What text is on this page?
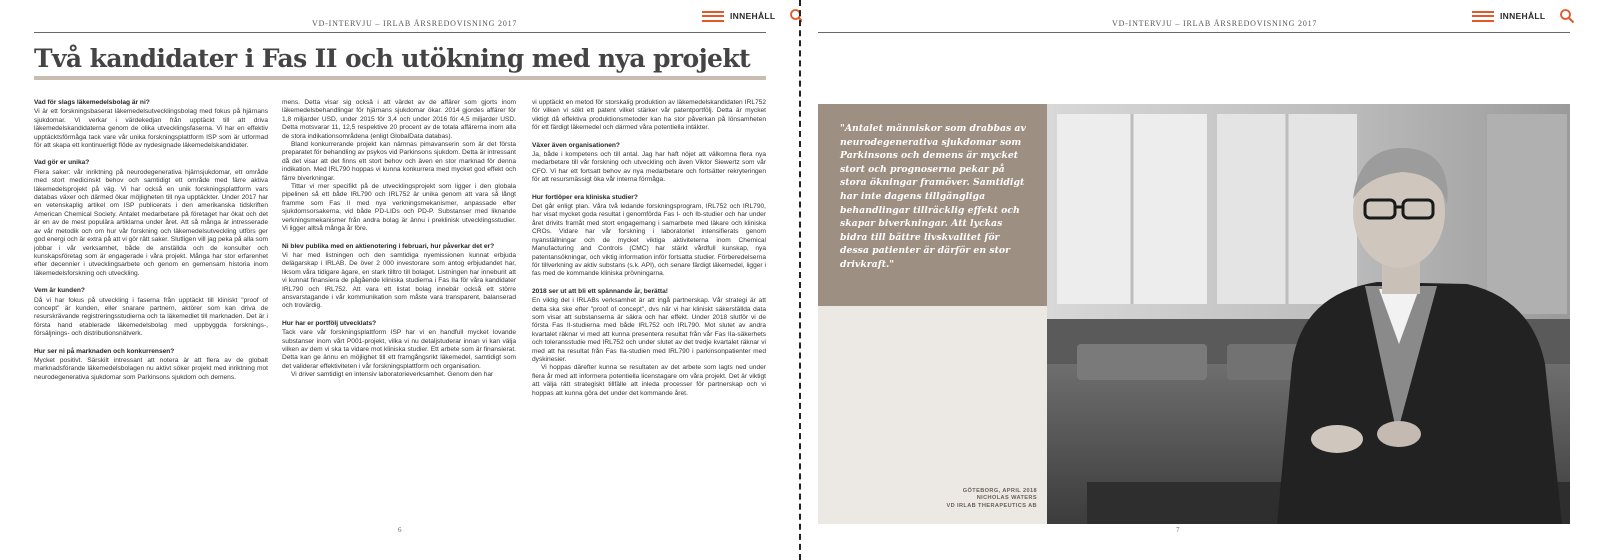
VD-INTERVJU – IRLAB ÅRSREDOVISNING 2017
INNEHÅLL
Två kandidater i Fas II och utökning med nya projekt
Vad för slags läkemedelsbolag är ni?
Vi är ett forskningsbaserat läkemedelsutvecklingsbolag med fokus på hjärnans sjukdomar. Vi verkar i värdekedjan från upptäckt till att driva läkemedelskandidaterna genom de olika utvecklingsfaserna. Vi har en effektiv upptäcktsförmåga tack vare vår unika forskningsplattform ISP som är utformad för att skapa ett kontinuerligt flöde av nydesignade läkemedelskandidater.
Vad gör er unika?
Flera saker: vår inriktning på neurodegenerativa hjärnsjukdomar, ett område med stort medicinskt behov och samtidigt ett område med färre aktiva läkemedelsprojekt på väg. Vi har också en unik forskningsplattform vars databas växer och därmed ökar möjligheten till nya upptäckter. Under 2017 har en vetenskaplig artikel om ISP publicerats i den amerikanska tidskriften American Chemical Society. Antalet medarbetare på företaget har ökat och det är en av de mest populära artiklarna under året. Att så många är intresserade av vår metodik och om hur vår forskning och läkemedelsutveckling utförs ger god energi och är extra på att vi gör rätt saker. Slutligen vill jag peka på alla som jobbar i vår verksamhet, både de anställda och de konsulter och kunskapsföretag som är engagerade i våra projekt. Många har stor erfarenhet efter decennier i utvecklingsarbete och genom en gemensam historia inom läkemedelsforskning och utveckling.
Vem är kunden?
Då vi har fokus på utveckling i faserna från upptäckt till kliniskt "proof of concept" är kunden, eller snarare partnern, aktörer som kan driva de resurskrävande registreringsstudierna och ta läkemedlet till marknaden. Det är i första hand etablerade läkemedelsbolag med uppbyggda forsknings-, försäljnings- och distributionsnätverk.
Hur ser ni på marknaden och konkurrensen?
Mycket positivt. Särskilt intressant att notera är att flera av de globalt marknadsförande läkemedelsbolagen nu aktivt söker projekt med inriktning mot neurodegenerativa sjukdomar som Parkinsons sjukdom och demens.
mens. Detta visar sig också i att värdet av de affärer som gjorts inom läkemedelsbehandlingar för hjärnans sjukdomar ökar. 2014 gjordes affärer för 1,8 miljarder USD, under 2015 för 3,4 och under 2016 för 4,5 miljarder USD. Detta motsvarar 11, 12,5 respektive 20 procent av de totala affärerna inom alla de stora indikationsområdena (enligt GlobalData databas).
Bland konkurrerande projekt kan nämnas pimavanserin som är det första preparatet för behandling av psykos vid Parkinsons sjukdom. Detta är intressant då det visar att det finns ett stort behov och även en stor marknad för denna indikation. Med IRL790 hoppas vi kunna konkurrera med mycket god effekt och färre biverkningar.
Tittar vi mer specifikt på de utvecklingsprojekt som ligger i den globala pipelinen så ett både IRL790 och IRL752 är unika genom att vara så långt framme som Fas II med nya verkningsmekanismer, anpassade efter sjukdomsorsakerna, vid både PD-LIDs och PD-P. Substanser med liknande verkningsmekanismer från andra bolag är ännu i preklinisk utvecklingsstudier. Vi ligger alltså många år före.
Ni blev publika med en aktienotering i februari, hur påverkar det er?
Vi har med listningen och den samtidiga nyemissionen kunnat erbjuda delägarskap i IRLAB. De över 2 000 investorare som antog erbjudandet har, liksom våra tidigare ägare, en stark tilltro till bolaget. Listningen har inneburit att vi kunnat finansiera de pågående kliniska studierna i Fas IIa för våra kandidater IRL790 och IRL752. Att vara ett listat bolag innebär också ett större ansvarstagande i vår kommunikation som måste vara transparent, balanserad och trovärdig.
Hur har er portfölj utvecklats?
Tack vare vår forskningsplattform ISP har vi en handfull mycket lovande substanser inom vårt P001-projekt, vilka vi nu detaljstuderar innan vi kan välja vilken av dem vi ska ta vidare mot kliniska studier. Ett arbete som är finansierat. Detta kan ge ännu en möjlighet till ett framgångsrikt läkemedel, samtidigt som det validerar effektiviteten i vår forskningsplattform och organisation.
Vi driver samtidigt en intensiv laboratorieverksamhet. Genom den har
vi upptäckt en metod för storskalig produktion av läkemedelskandidaten IRL752 för vilken vi sökt ett patent vilket stärker vår patentportfölj. Detta är mycket viktigt då effektiva produktionsmetoder kan ha stor påverkan på lönsamheten för ett färdigt läkemedel och därmed våra potentiella intäkter.
Växer även organisationen?
Ja, både i kompetens och till antal. Jag har haft nöjet att välkomna flera nya medarbetare till vår forskning och utveckling och även Viktor Siewertz som vår CFO. Vi har ett fortsatt behov av nya medarbetare och fortsätter rekryteringen för att resursmässigt öka vår interna förmåga.
Hur fortlöper era kliniska studier?
Det går enligt plan. Våra två ledande forskningsprogram, IRL752 och IRL790, har visat mycket goda resultat i genomförda Fas I- och Ib-studier och har under året drivits framåt med stort engagemang i samarbete med läkare och kliniska CROs. Vidare har vår forskning i laboratoriet intensifierats genom nyanställningar och de mycket viktiga aktiviteterna inom Chemical Manufacturing and Controls (CMC) har stärkt vårdfull kunskap, nya patentansökningar, och viktig information inför fortsatta studier. Förberedelserna för tillverkning av aktiv substans (s.k. API), och senare färdigt läkemedel, ligger i fas med de kommande kliniska prövningarna.
2018 ser ut att bli ett spännande år, berätta!
En viktig del i IRLABs verksamhet är att ingå partnerskap. Vår strategi är att detta ska ske efter "proof of concept", dvs när vi har kliniskt säkerställda data som visar att substanserna är säkra och har effekt. Under 2018 slutför vi de första Fas II-studierna med både IRL752 och IRL790. Mot slutet av andra kvartalet räknar vi med att kunna presentera resultat från vår Fas IIa-säkerhets och toleransstudie med IRL752 och under slutet av det tredje kvartalet räknar vi med att ha resultat från Fas IIa-studien med IRL790 i parkinsonpatienter med dyskinesier.
Vi hoppas därefter kunna se resultaten av det arbete som lagts ned under flera år med att informera potentiella licenstagare om våra projekt. Det är viktigt att välja rätt strategiskt tillfälle att inleda processer för partnerskap och vi hoppas att kunna göra det under det kommande året.
6
VD-INTERVJU – IRLAB ÅRSREDOVISNING 2017
INNEHÅLL

"Antalet människor som drabbas av neurodegenerativa sjukdomar som Parkinsons och demens är mycket stort och prognoserna pekar på stora ökningar framöver. Samtidigt har inte dagens tillgängliga behandlingar tillräcklig effekt och skapar biverkningar. Att lyckas bidra till bättre livskvalitet för dessa patienter är därför en stor drivkraft."

GÖTEBORG, APRIL 2018
NICHOLAS WATERS
VD IRLAB THERAPEUTICS AB
7
